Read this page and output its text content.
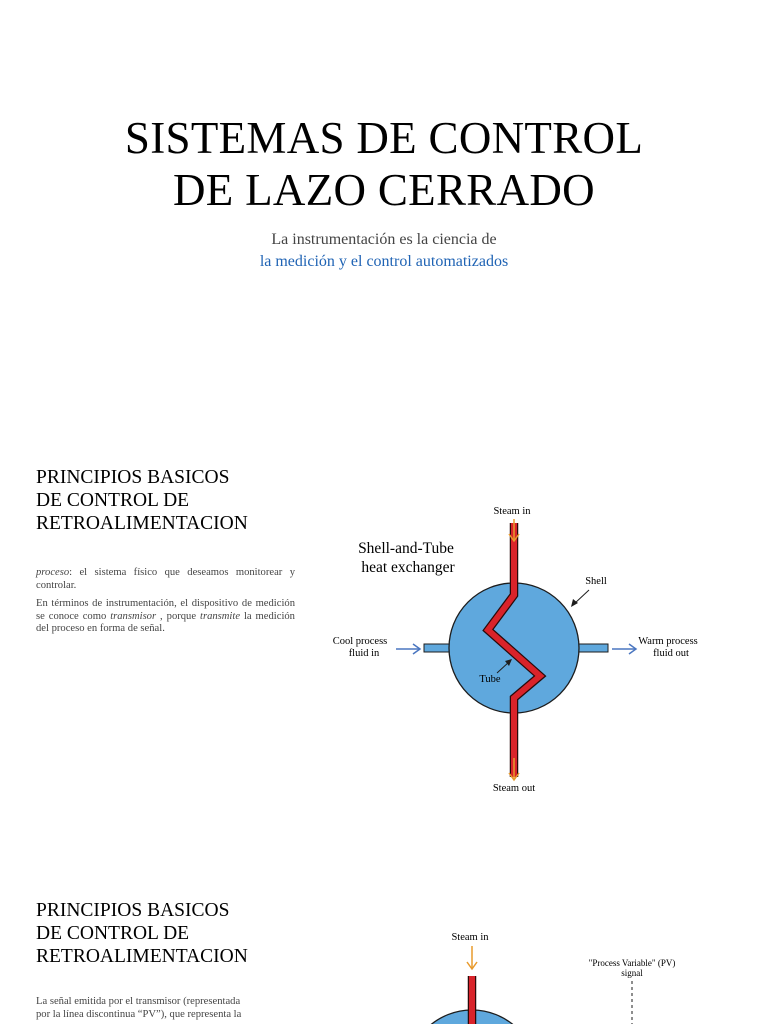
SISTEMAS DE CONTROL
DE LAZO CERRADO
La instrumentación es la ciencia de
la medición y el control automatizados
PRINCIPIOS BASICOS
DE CONTROL DE
RETROALIMENTACION

proceso: el sistema físico que deseamos monitorear y controlar.

En términos de instrumentación, el dispositivo de medición se conoce como transmisor , porque transmite la medición del proceso en forma de señal.

Shell-and-Tube
heat exchanger
Steam in
Steam out
Cool process
fluid in
Warm process
fluid out
Shell
Tube
PRINCIPIOS BASICOS
DE CONTROL DE
RETROALIMENTACION
La señal emitida por el transmisor (representada
por la línea discontinua “PV”), que representa la
Steam in
"Process Variable" (PV)
signal
